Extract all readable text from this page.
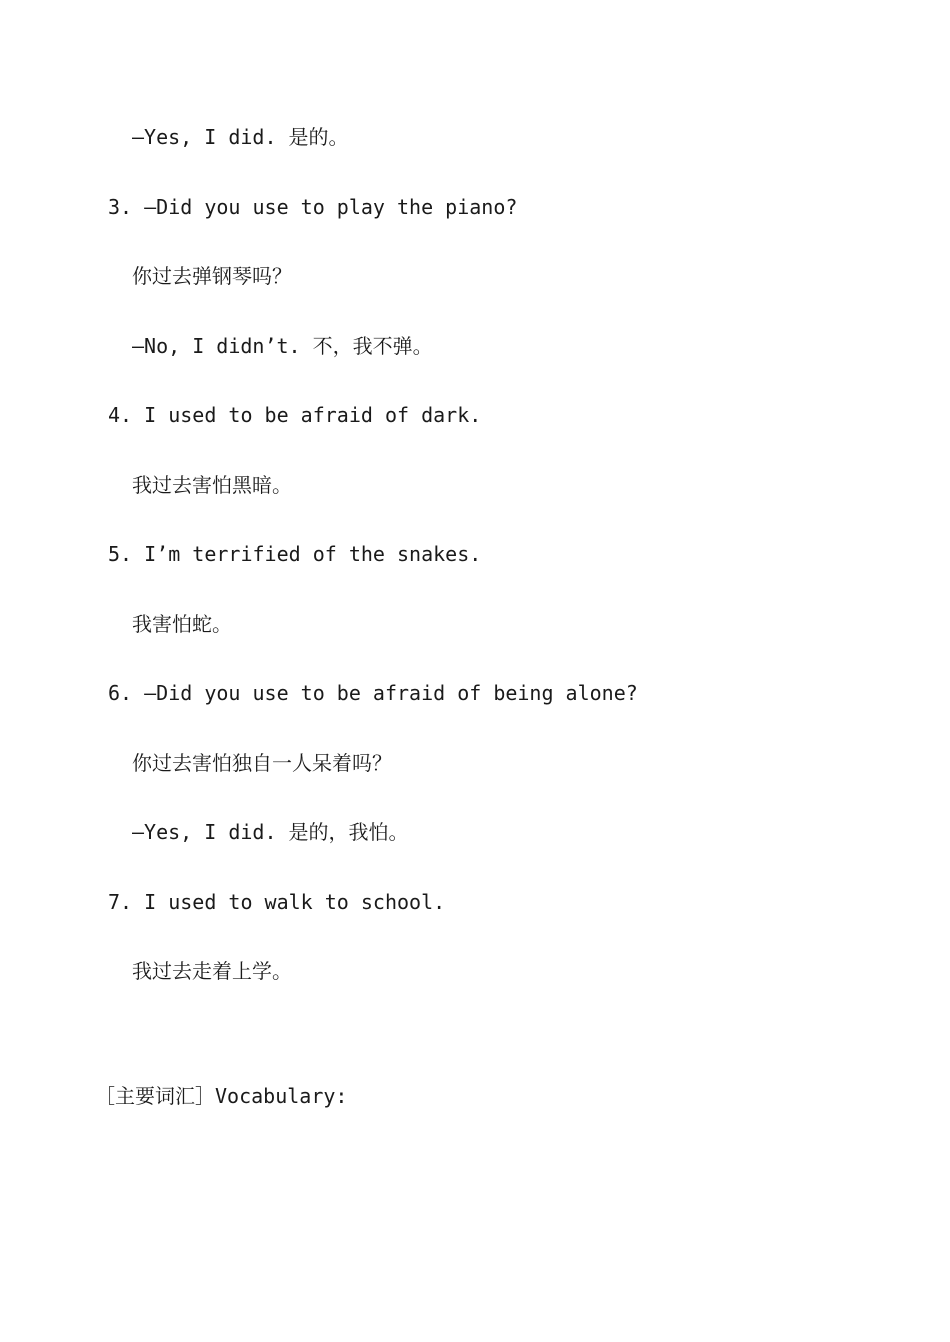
—Yes, I did. 是的。
3. —Did you use to play the piano?
你过去弹钢琴吗？
—No, I didn’t. 不，我不弹。
4. I used to be afraid of dark.
我过去害怕黑暗。
5. I’m terrified of the snakes.
我害怕蛇。
6. —Did you use to be afraid of being alone?
你过去害怕独自一人呆着吗？
—Yes, I did. 是的，我怕。
7. I used to walk to school.
我过去走着上学。
［主要词汇］Vocabulary:
